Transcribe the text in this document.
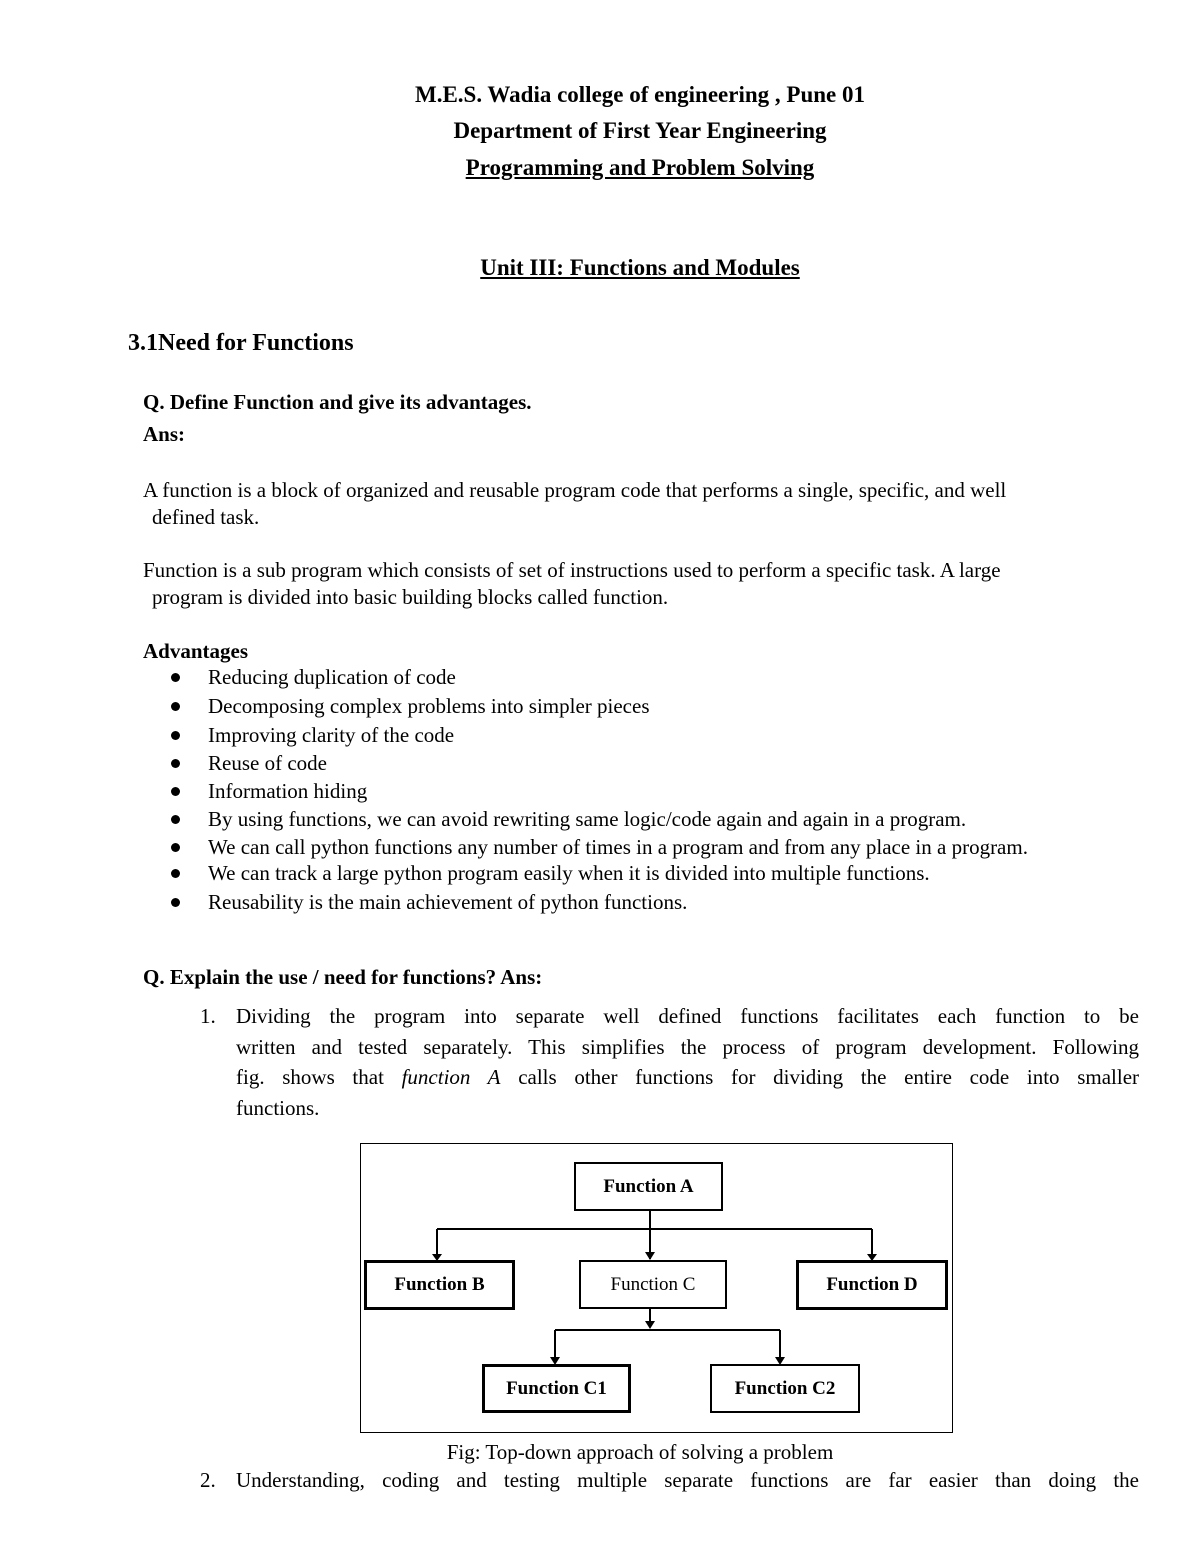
M.E.S. Wadia college of engineering , Pune 01
Department of First Year Engineering
Programming and Problem Solving
Unit III: Functions and Modules
3.1Need for Functions
Q. Define Function and give its advantages.
Ans:
A function is a block of organized and reusable program code that performs a single, specific, and well
defined task.
Function is a sub program which consists of set of instructions used to perform a specific task. A large
program is divided into basic building blocks called function.
Advantages
Reducing duplication of code
Decomposing complex problems into simpler pieces
Improving clarity of the code
Reuse of code
Information hiding
By using functions, we can avoid rewriting same logic/code again and again in a program.
We can call python functions any number of times in a program and from any place in a program.
We can track a large python program easily when it is divided into multiple functions.
Reusability is the main achievement of python functions.
Q. Explain the use / need for functions? Ans:
1. Dividing the program into separate well defined functions facilitates each function to be
written and tested separately. This simplifies the process of program development. Following
fig. shows that function A calls other functions for dividing the entire code into smaller
functions.
Function A
Function B	Function C	Function D
Function C1	Function C2
Fig: Top-down approach of solving a problem
2. Understanding, coding and testing multiple separate functions are far easier than doing the
